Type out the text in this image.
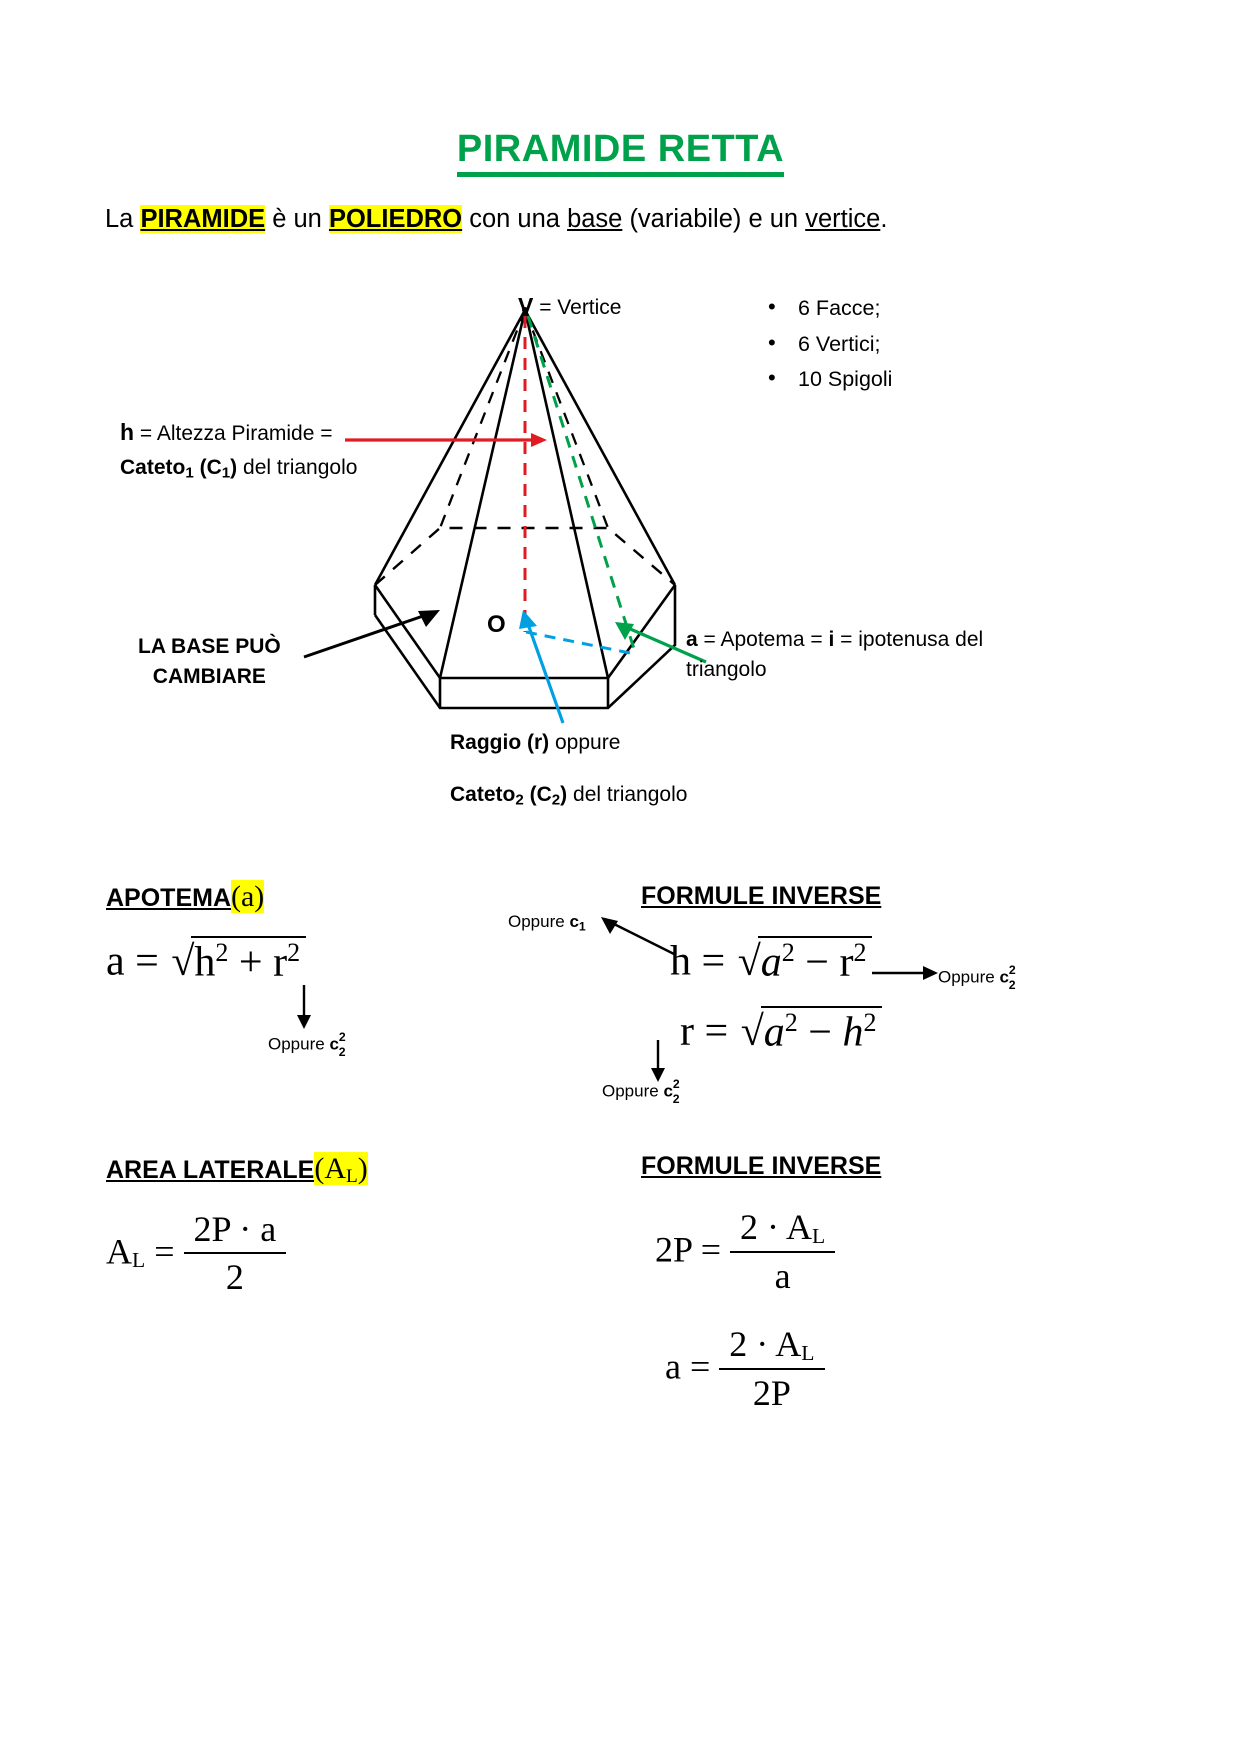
PIRAMIDE RETTA
La PIRAMIDE è un POLIEDRO con una base (variabile) e un vertice.
• 6 Facce;
• 6 Vertici;
• 10 Spigoli
V = Vertice
O
h = Altezza Piramide =
Cateto$_1$ $(C_1)$ del triangolo
LA BASE PUÒ
CAMBIARE
a = Apotema = i = ipotenusa del
triangolo
Raggio (r) oppure
Cateto$_2$ $(C_2)$ del triangolo
APOTEMA(a)	FORMULE INVERSE
AREA LATERALE(AL)	FORMULE INVERSE
$a = √h^2 + r^2$	$h = √a^2 - r^2$
$r = √a^2 - h^2$
AL = $\frac{2P \cdot a}{2}$	$2P = \frac{2 \cdot AL}{a}$
$a = \frac{2 \cdot AL}{2P}$
Oppure $c^2_2$
Oppure $c_1$
Oppure $c^2_2$
Oppure $c^2_2$
